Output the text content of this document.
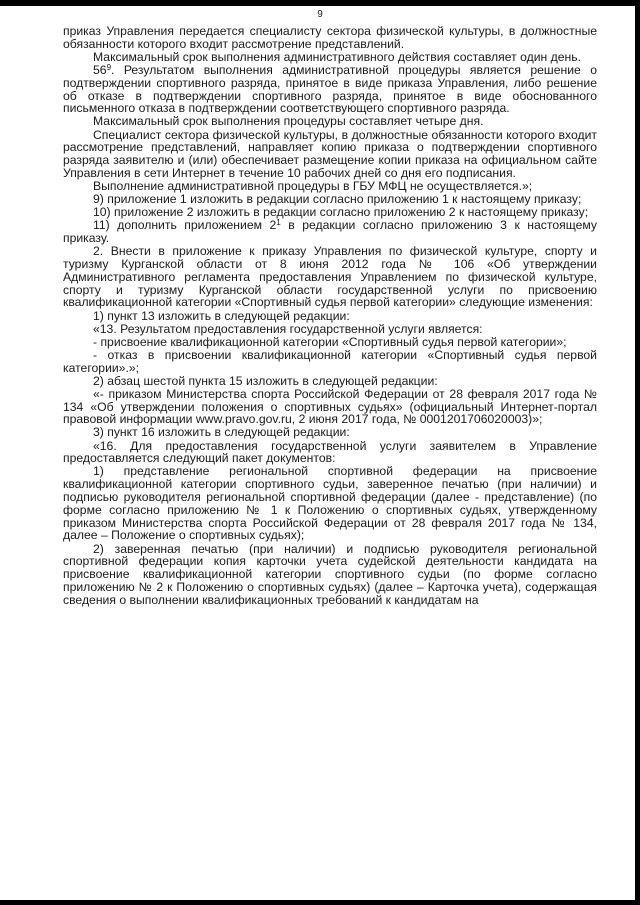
9

приказ Управления передается специалисту сектора физической культуры, в должностные обязанности которого входит рассмотрение представлений.

Максимальный срок выполнения административного действия составляет один день.

$56^9$. Результатом выполнения административной процедуры является решение о подтверждении спортивного разряда, принятое в виде приказа Управления, либо решение об отказе в подтверждении спортивного разряда, принятое в виде обоснованного письменного отказа в подтверждении соответствующего спортивного разряда.

Максимальный срок выполнения процедуры составляет четыре дня.

Специалист сектора физической культуры, в должностные обязанности которого входит рассмотрение представлений, направляет копию приказа о подтверждении спортивного разряда заявителю и (или) обеспечивает размещение копии приказа на официальном сайте Управления в сети Интернет в течение 10 рабочих дней со дня его подписания.

Выполнение административной процедуры в ГБУ МФЦ не осуществляется.»;

9) приложение 1 изложить в редакции согласно приложению 1 к настоящему приказу;

10) приложение 2 изложить в редакции согласно приложению 2 к настоящему приказу;

11) дополнить приложением $2^1$ в редакции согласно приложению 3 к настоящему приказу.

2. Внести в приложение к приказу Управления по физической культуре, спорту и туризму Курганской области от 8 июня 2012 года № 106 «Об утверждении Административного регламента предоставления Управлением по физической культуре, спорту и туризму Курганской области государственной услуги по присвоению квалификационной категории «Спортивный судья первой категории» следующие изменения:

1) пункт 13 изложить в следующей редакции:

«13. Результатом предоставления государственной услуги является:

- присвоение квалификационной категории «Спортивный судья первой категории»;

- отказ в присвоении квалификационной категории «Спортивный судья первой категории».»;

2) абзац шестой пункта 15 изложить в следующей редакции:

«- приказом Министерства спорта Российской Федерации от 28 февраля 2017 года № 134 «Об утверждении положения о спортивных судьях» (официальный Интернет-портал правовой информации www.pravo.gov.ru, 2 июня 2017 года, № 0001201706020003)»;

3) пункт 16 изложить в следующей редакции:

«16. Для предоставления государственной услуги заявителем в Управление предоставляется следующий пакет документов:

1) представление региональной спортивной федерации на присвоение квалификационной категории спортивного судьи, заверенное печатью (при наличии) и подписью руководителя региональной спортивной федерации (далее - представление) (по форме согласно приложению № 1 к Положению о спортивных судьях, утвержденному приказом Министерства спорта Российской Федерации от 28 февраля 2017 года № 134, далее – Положение о спортивных судьях);

2) заверенная печатью (при наличии) и подписью руководителя региональной спортивной федерации копия карточки учета судейской деятельности кандидата на присвоение квалификационной категории спортивного судьи (по форме согласно приложению № 2 к Положению о спортивных судьях) (далее – Карточка учета), содержащая сведения о выполнении квалификационных требований к кандидатам на
